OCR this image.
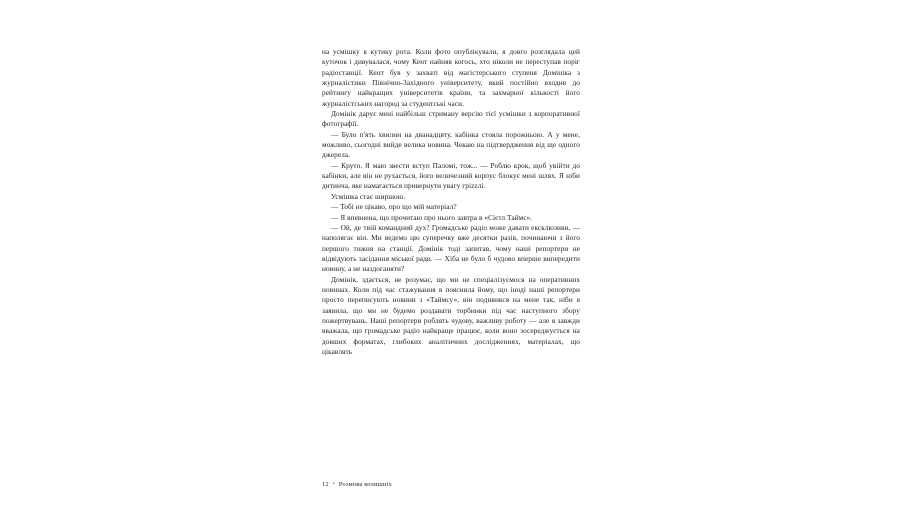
на усмішку в кутику рота. Коли фото опублікували, я довго розглядала цей куточок і дивувалася, чому Кент найняв когось, хто ніколи не переступав поріг радіостанції. Кент був у захваті від магістерського ступеня Домініка з журналістики Північно-Західного університету, який постійно входив до рейтингу найкращих університетів країни, та захмарної кількості його журналістських нагород за студентські часи.

Домінік дарує мені найбільш стриману версію тієї усмішки з корпоративної фотографії.

— Було п'ять хвилин на дванадцяту, кабінка стояла порожньою. А у мене, можливо, сьогодні вийде велика новина. Чекаю на підтвердження від ще одного джерела.

— Круто. Я маю звести вступ Паломі, тож... — Роблю крок, щоб увійти до кабінки, але він не рухається, його величезний корпус блокує мені шлях. Я ніби дитинча, яке намагається привернути увагу грizzлі.

Усмішка стає ширшою.

— Тобі не цікаво, про що мій матеріал?

— Я впевнена, що прочитаю про нього завтра в «Сієтл Таймс».

— Ой, де твій командний дух? Громадське радіо може давати ексклюзиви, — наполягає він. Ми ведемо цю суперечку вже десятки разів, починаючи з його першого тижня на станції. Домінік тоді запитав, чому наші репортери не відвідують засідання міської ради. — Хіба не було б чудово вперше випередити новину, а не наздоганяти?

Домінік, здається, не розумає, що ми не спеціалізуємося на оперативних новинах. Коли під час стажування я пояснила йому, що іноді наші репортери просто переписують новини з «Таймсу», він подивився на мене так, ніби я заявила, що ми не будемо роздавати торбинки під час наступного збору пожертвувань. Наші репортери роблять чудову, важливу роботу — але я завжди вважала, що громадське радіо найкраще працює, коли воно зосереджується на довших форматах, глибоких аналітичних дослідженнях, матеріалах, що цікавлять

12 • Розмова колишніх
